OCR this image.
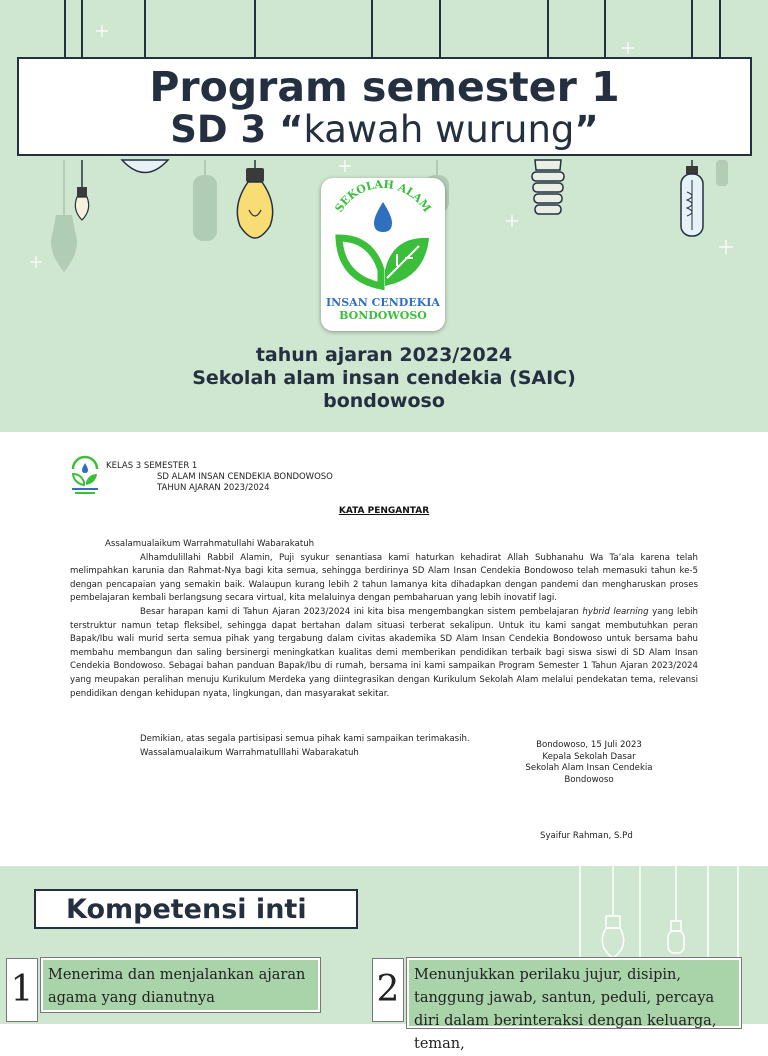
Program semester 1
SD 3 “kawah wurung”
SEKOLAH ALAM
INSAN CENDEKIA
BONDOWOSO
tahun ajaran 2023/2024
Sekolah alam insan cendekia (SAIC)
bondowoso
KELAS 3 SEMESTER 1
SD ALAM INSAN CENDEKIA BONDOWOSO
TAHUN AJARAN 2023/2024
KATA PENGANTAR

Assalamualaikum Warrahmatullahi Wabarakatuh

Alhamdulillahi Rabbil Alamin, Puji syukur senantiasa kami haturkan kehadirat Allah Subhanahu Wa Ta’ala karena telah melimpahkan karunia dan Rahmat-Nya bagi kita semua, sehingga berdirinya SD Alam Insan Cendekia Bondowoso telah memasuki tahun ke-5 dengan pencapaian yang semakin baik. Walaupun kurang lebih 2 tahun lamanya kita dihadapkan dengan pandemi dan mengharuskan proses pembelajaran kembali berlangsung secara virtual, kita melaluinya dengan pembaharuan yang lebih inovatif lagi.

Besar harapan kami di Tahun Ajaran 2023/2024 ini kita bisa mengembangkan sistem pembelajaran hybrid learning yang lebih terstruktur namun tetap fleksibel, sehingga dapat bertahan dalam situasi terberat sekalipun. Untuk itu kami sangat membutuhkan peran Bapak/Ibu wali murid serta semua pihak yang tergabung dalam civitas akademika SD Alam Insan Cendekia Bondowoso untuk bersama bahu membahu membangun dan saling bersinergi meningkatkan kualitas demi memberikan pendidikan terbaik bagi siswa siswi di SD Alam Insan Cendekia Bondowoso. Sebagai bahan panduan Bapak/Ibu di rumah, bersama ini kami sampaikan Program Semester 1 Tahun Ajaran 2023/2024 yang meupakan peralihan menuju Kurikulum Merdeka yang diintegrasikan dengan Kurikulum Sekolah Alam melalui pendekatan tema, relevansi pendidikan dengan kehidupan nyata, lingkungan, dan masyarakat sekitar.

Demikian, atas segala partisipasi semua pihak kami sampaikan terimakasih.

Wassalamualaikum Warrahmatulllahi Wabarakatuh

Bondowoso, 15 Juli 2023
Kepala Sekolah Dasar
Sekolah Alam Insan Cendekia
Bondowoso
Syaifur Rahman, S.Pd
Kompetensi inti
1	Menerima dan menjalankan ajaran agama yang dianutnya	2	Menunjukkan perilaku jujur, disipin, tanggung jawab, santun, peduli, percaya diri dalam berinteraksi dengan keluarga, teman,
